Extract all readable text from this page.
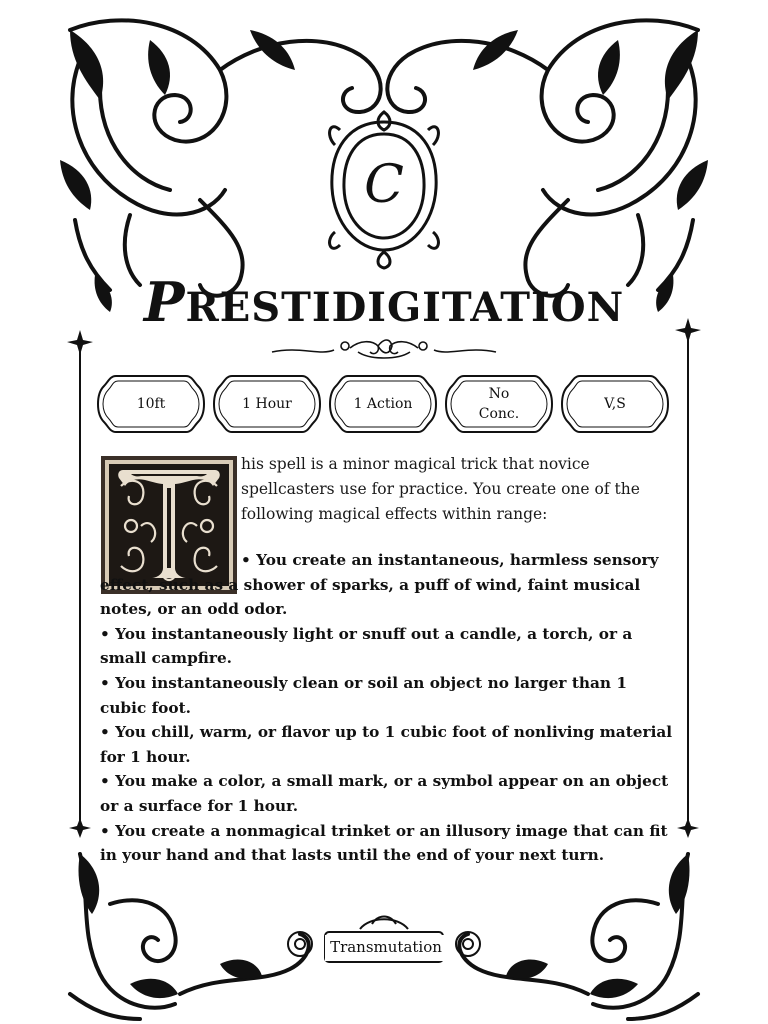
C
PRESTIDIGITATION
10ft	1 Hour	1 Action
No Conc.
V,S
his spell is a minor magical trick that novice spellcasters use for practice. You create one of the following magical effects within range:
• You create an instantaneous, harmless sensory effect, such as a shower of sparks, a puff of wind, faint musical notes, or an odd odor.
• You instantaneously light or snuff out a candle, a torch, or a small campfire.
• You instantaneously clean or soil an object no larger than 1 cubic foot.
• You chill, warm, or flavor up to 1 cubic foot of nonliving material for 1 hour.
• You make a color, a small mark, or a symbol appear on an object or a surface for 1 hour.
• You create a nonmagical trinket or an illusory image that can fit in your hand and that lasts until the end of your next turn.
Transmutation
